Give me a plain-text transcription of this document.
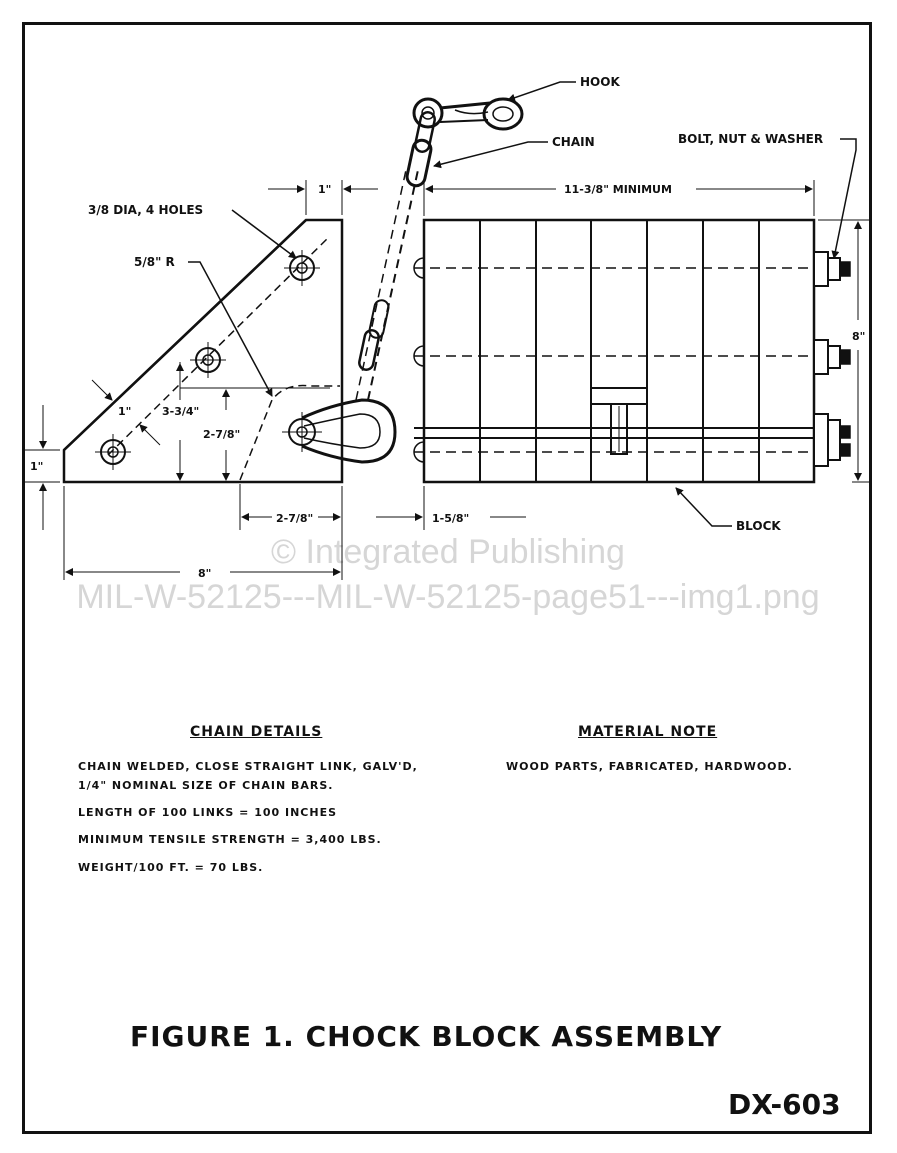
© Integrated Publishing
MIL-W-52125---MIL-W-52125-page51---img1.png
1"
1"
1"	3-3/4"
2-7/8"
2-7/8"
8"
3/8 DIA, 4 HOLES
5/8" R
HOOK
CHAIN
11-3/8" MINIMUM
8"
1-5/8"
BOLT, NUT & WASHER
BLOCK
CHAIN DETAILS
CHAIN WELDED, CLOSE STRAIGHT LINK, GALV'D,
1/4" NOMINAL SIZE OF CHAIN BARS.
LENGTH OF 100 LINKS = 100 INCHES
MINIMUM TENSILE STRENGTH = 3,400 LBS.
WEIGHT/100 FT. = 70 LBS.
MATERIAL NOTE
WOOD PARTS, FABRICATED, HARDWOOD.
FIGURE 1. CHOCK BLOCK ASSEMBLY
DX-603
